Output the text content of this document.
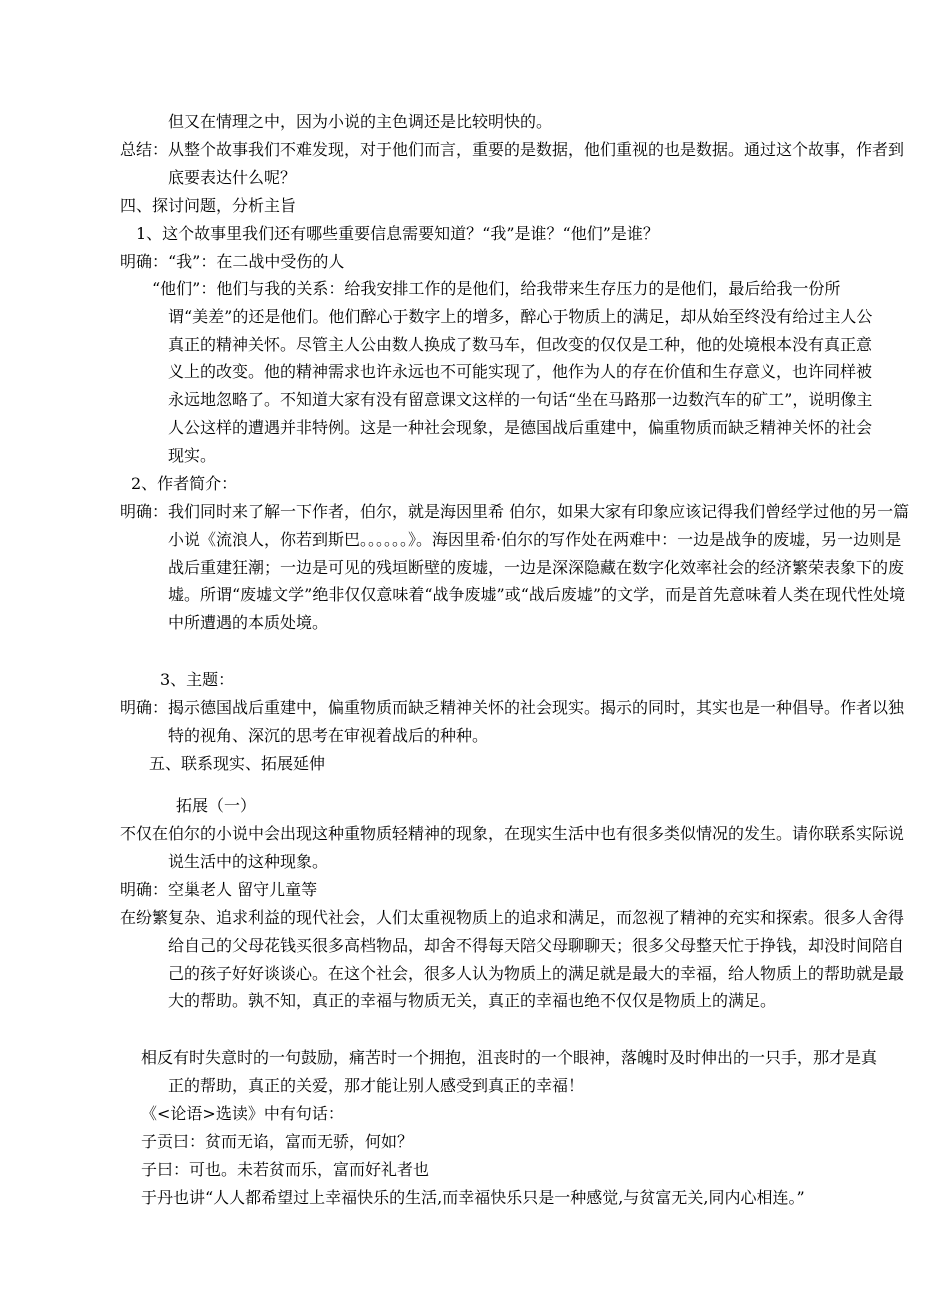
但又在情理之中，因为小说的主色调还是比较明快的。

总结：从整个故事我们不难发现，对于他们而言，重要的是数据，他们重视的也是数据。通过这个故事，作者到底要表达什么呢？

四、探讨问题，分析主旨

1、这个故事里我们还有哪些重要信息需要知道？“我”是谁？“他们”是谁？

明确：“我”：在二战中受伤的人

“他们”：他们与我的关系：给我安排工作的是他们，给我带来生存压力的是他们，最后给我一份所谓“美差”的还是他们。他们醉心于数字上的增多，醉心于物质上的满足，却从始至终没有给过主人公真正的精神关怀。尽管主人公由数人换成了数马车，但改变的仅仅是工种，他的处境根本没有真正意义上的改变。他的精神需求也许永远也不可能实现了，他作为人的存在价值和生存意义，也许同样被永远地忽略了。不知道大家有没有留意课文这样的一句话“坐在马路那一边数汽车的矿工”，说明像主人公这样的遭遇并非特例。这是一种社会现象，是德国战后重建中，偏重物质而缺乏精神关怀的社会现实。

2、作者简介：

明确：我们同时来了解一下作者，伯尔，就是海因里希 伯尔，如果大家有印象应该记得我们曾经学过他的另一篇小说《流浪人，你若到斯巴。。。。。。》。海因里希·伯尔的写作处在两难中：一边是战争的废墟，另一边则是战后重建狂潮；一边是可见的残垣断壁的废墟，一边是深深隐藏在数字化效率社会的经济繁荣表象下的废墟。所谓“废墟文学”绝非仅仅意味着“战争废墟”或“战后废墟”的文学，而是首先意味着人类在现代性处境中所遭遇的本质处境。

3、主题：

明确：揭示德国战后重建中，偏重物质而缺乏精神关怀的社会现实。揭示的同时，其实也是一种倡导。作者以独特的视角、深沉的思考在审视着战后的种种。

五、联系现实、拓展延伸

拓展（一）

不仅在伯尔的小说中会出现这种重物质轻精神的现象，在现实生活中也有很多类似情况的发生。请你联系实际说说生活中的这种现象。

明确：空巢老人 留守儿童等

在纷繁复杂、追求利益的现代社会，人们太重视物质上的追求和满足，而忽视了精神的充实和探索。很多人舍得给自己的父母花钱买很多高档物品，却舍不得每天陪父母聊聊天；很多父母整天忙于挣钱，却没时间陪自己的孩子好好谈谈心。在这个社会，很多人认为物质上的满足就是最大的幸福，给人物质上的帮助就是最大的帮助。孰不知，真正的幸福与物质无关，真正的幸福也绝不仅仅是物质上的满足。

相反有时失意时的一句鼓励，痛苦时一个拥抱，沮丧时的一个眼神，落魄时及时伸出的一只手，那才是真正的帮助，真正的关爱，那才能让别人感受到真正的幸福！

《<论语>选读》中有句话：

子贡曰：贫而无谄，富而无骄，何如？

子曰：可也。未若贫而乐，富而好礼者也

于丹也讲“人人都希望过上幸福快乐的生活,而幸福快乐只是一种感觉,与贫富无关,同内心相连。”
